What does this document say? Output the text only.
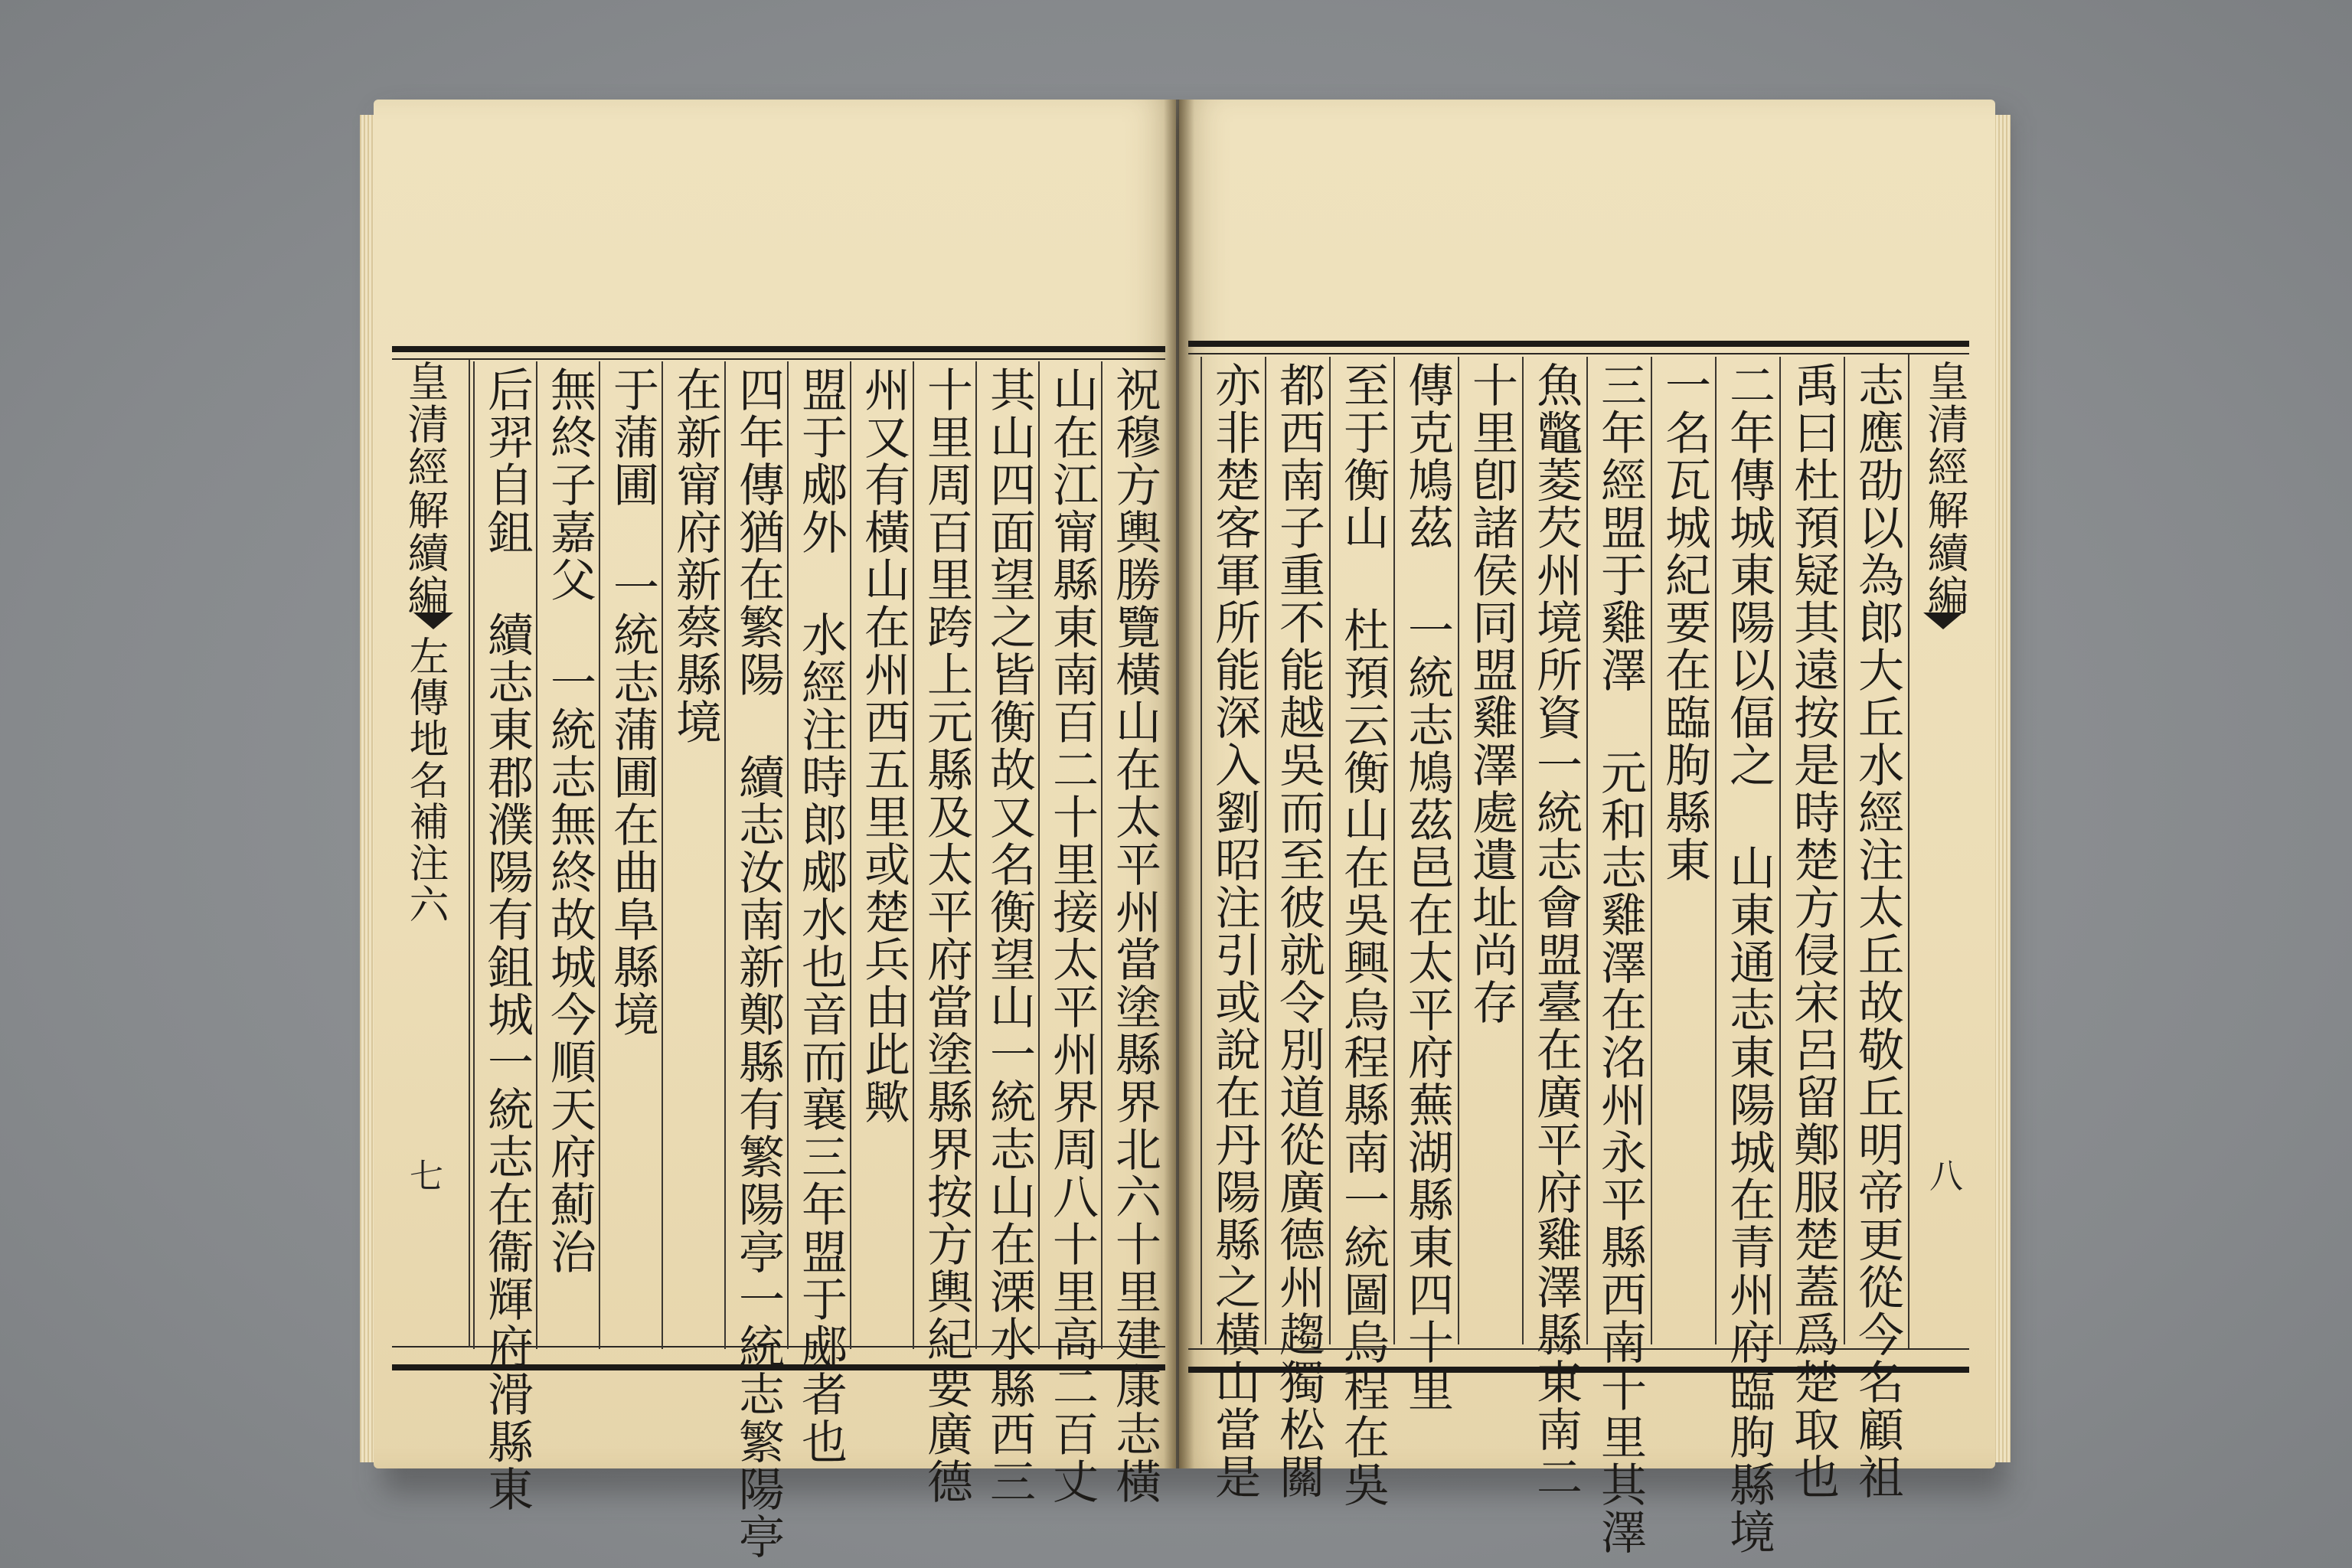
祝穆方輿勝覽橫山在太平州當塗縣界北六十里建康志橫
山在江甯縣東南百二十里接太平州界周八十里高二百丈
其山四面望之皆衡故又名衡望山一統志山在溧水縣西三
十里周百里跨上元縣及太平府當塗縣界按方輿紀要廣德
州又有橫山在州西五里或楚兵由此歟
盟于郕外 水經注時郎郕水也音而襄三年盟于郕者也
四年傳猶在繁陽 續志汝南新鄭縣有繁陽亭一統志繁陽亭
在新甯府新蔡縣境
于蒲圃 一統志蒲圃在曲阜縣境
無終子嘉父 一統志無終故城今順天府薊治
后羿自鉏 續志東郡濮陽有鉏城一統志在衞輝府滑縣東
皇清經解續編
左傳地名補注六
七	志應劭以為郎大丘水經注太丘故敬丘明帝更從今名顧祖
禹曰杜預疑其遠按是時楚方侵宋呂留鄭服楚蓋爲楚取也
二年傳城東陽以偪之 山東通志東陽城在青州府臨朐縣境
一名瓦城紀要在臨朐縣東
三年經盟于雞澤 元和志雞澤在洺州永平縣西南十里其澤
魚鼈菱芡州境所資一統志會盟臺在廣平府雞澤縣東南二
十里卽諸侯同盟雞澤處遺址尚存
傳克鳩茲 一統志鳩茲邑在太平府蕪湖縣東四十里
至于衡山 杜預云衡山在吳興烏程縣南一統圖烏程在吳
都西南子重不能越吳而至彼就令別道從廣德州趨獨松關
亦非楚客軍所能深入劉昭注引或說在丹陽縣之橫山當是	皇清經解續編
八
